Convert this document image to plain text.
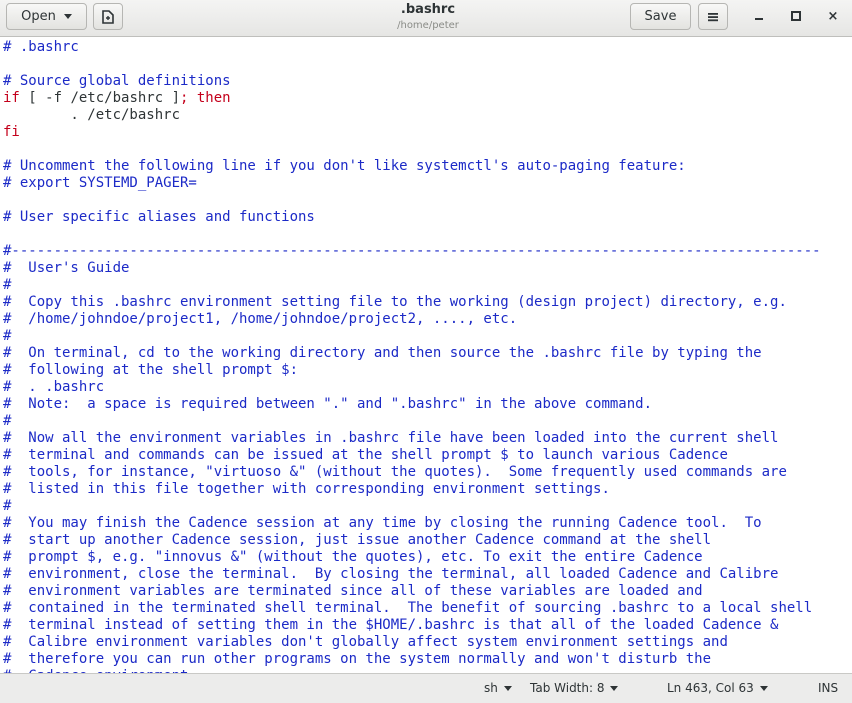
Open	.bashrc
/home/peter
Save	×
# .bashrc
# Source global definitions
if [ -f /etc/bashrc ]; then
. /etc/bashrc
fi
# Uncomment the following line if you don't like systemctl's auto-paging feature:
# export SYSTEMD_PAGER=
# User specific aliases and functions
#------------------------------------------------------------------------------------------------
#  User's Guide
#
#  Copy this .bashrc environment setting file to the working (design project) directory, e.g.
#  /home/johndoe/project1, /home/johndoe/project2, ...., etc.
#
#  On terminal, cd to the working directory and then source the .bashrc file by typing the
#  following at the shell prompt $:
#  . .bashrc
#  Note:  a space is required between "." and ".bashrc" in the above command.
#
#  Now all the environment variables in .bashrc file have been loaded into the current shell
#  terminal and commands can be issued at the shell prompt $ to launch various Cadence
#  tools, for instance, "virtuoso &" (without the quotes).  Some frequently used commands are
#  listed in this file together with corresponding environment settings.
#
#  You may finish the Cadence session at any time by closing the running Cadence tool.  To
#  start up another Cadence session, just issue another Cadence command at the shell
#  prompt $, e.g. "innovus &" (without the quotes), etc. To exit the entire Cadence
#  environment, close the terminal.  By closing the terminal, all loaded Cadence and Calibre
#  environment variables are terminated since all of these variables are loaded and
#  contained in the terminated shell terminal.  The benefit of sourcing .bashrc to a local shell
#  terminal instead of setting them in the $HOME/.bashrc is that all of the loaded Cadence &
#  Calibre environment variables don't globally affect system environment settings and
#  therefore you can run other programs on the system normally and won't disturb the
sh	Tab Width: 8	Ln 463, Col 63	INS
